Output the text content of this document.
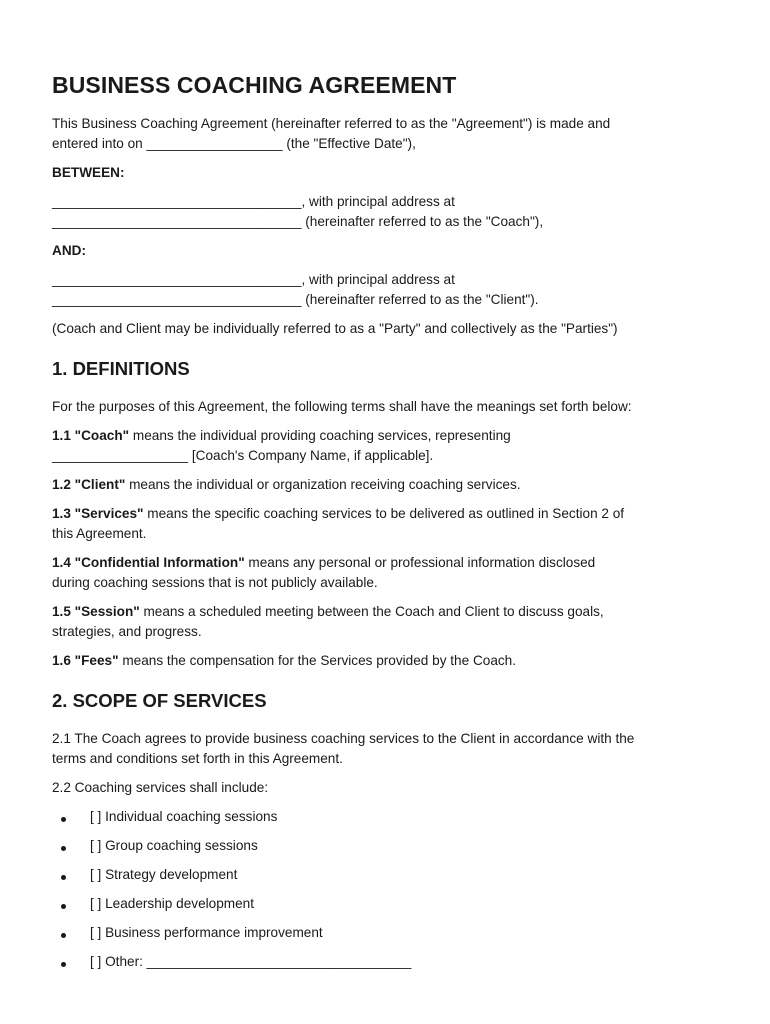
BUSINESS COACHING AGREEMENT

This Business Coaching Agreement (hereinafter referred to as the "Agreement") is made and
entered into on __________________ (the "Effective Date"),

BETWEEN:

_________________________________, with principal address at
_________________________________ (hereinafter referred to as the "Coach"),

AND:

_________________________________, with principal address at
_________________________________ (hereinafter referred to as the "Client").

(Coach and Client may be individually referred to as a "Party" and collectively as the "Parties")

1. DEFINITIONS

For the purposes of this Agreement, the following terms shall have the meanings set forth below:

1.1 "Coach" means the individual providing coaching services, representing
__________________ [Coach's Company Name, if applicable].

1.2 "Client" means the individual or organization receiving coaching services.

1.3 "Services" means the specific coaching services to be delivered as outlined in Section 2 of
this Agreement.

1.4 "Confidential Information" means any personal or professional information disclosed
during coaching sessions that is not publicly available.

1.5 "Session" means a scheduled meeting between the Coach and Client to discuss goals,
strategies, and progress.

1.6 "Fees" means the compensation for the Services provided by the Coach.

2. SCOPE OF SERVICES

2.1 The Coach agrees to provide business coaching services to the Client in accordance with the
terms and conditions set forth in this Agreement.

2.2 Coaching services shall include:

[ ] Individual coaching sessions
[ ] Group coaching sessions
[ ] Strategy development
[ ] Leadership development
[ ] Business performance improvement
[ ] Other: ___________________________________
